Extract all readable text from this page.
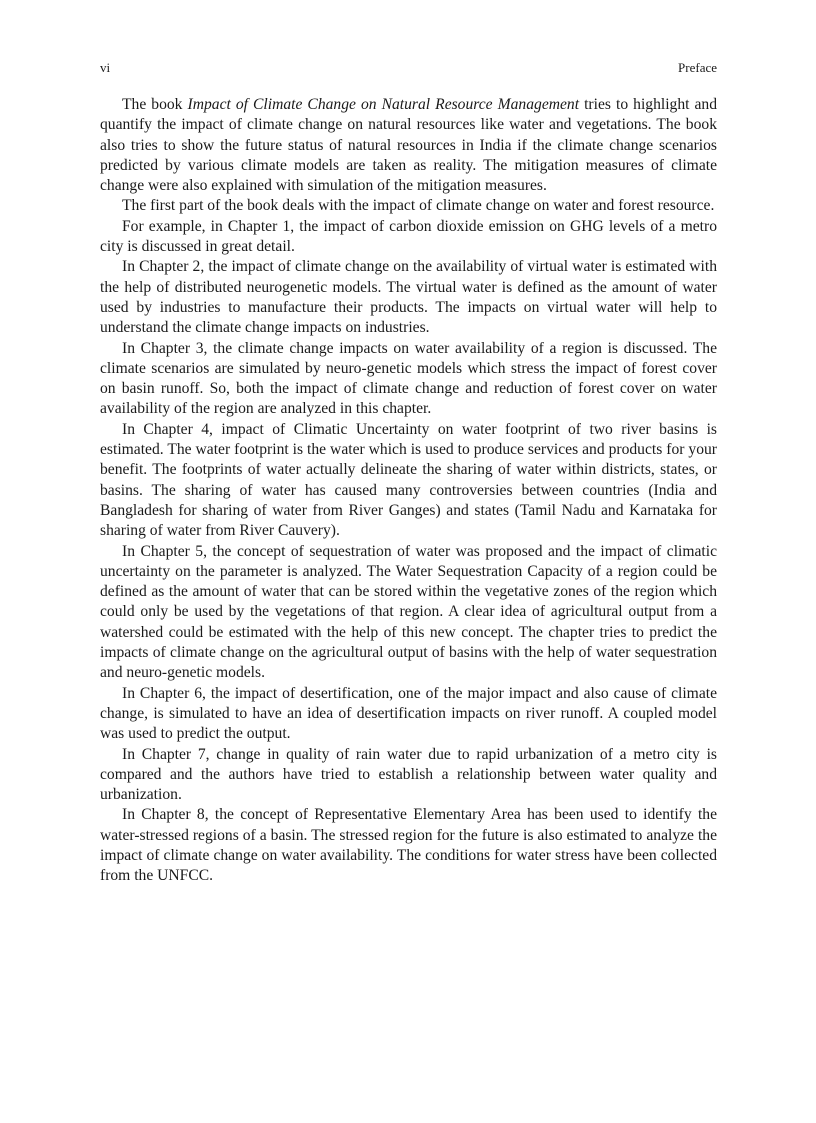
vi	Preface

The book Impact of Climate Change on Natural Resource Management tries to highlight and quantify the impact of climate change on natural resources like water and vegetations. The book also tries to show the future status of natural resources in India if the climate change scenarios predicted by various climate models are taken as reality. The mitigation measures of climate change were also explained with simulation of the mitigation measures.

The first part of the book deals with the impact of climate change on water and forest resource.

For example, in Chapter 1, the impact of carbon dioxide emission on GHG levels of a metro city is discussed in great detail.

In Chapter 2, the impact of climate change on the availability of virtual water is estimated with the help of distributed neurogenetic models. The virtual water is defined as the amount of water used by industries to manufacture their products. The impacts on virtual water will help to understand the climate change impacts on industries.

In Chapter 3, the climate change impacts on water availability of a region is discussed. The climate scenarios are simulated by neuro-genetic models which stress the impact of forest cover on basin runoff. So, both the impact of climate change and reduction of forest cover on water availability of the region are analyzed in this chapter.

In Chapter 4, impact of Climatic Uncertainty on water footprint of two river basins is estimated. The water footprint is the water which is used to produce services and products for your benefit. The footprints of water actually delineate the sharing of water within districts, states, or basins. The sharing of water has caused many controversies between countries (India and Bangladesh for sharing of water from River Ganges) and states (Tamil Nadu and Karnataka for sharing of water from River Cauvery).

In Chapter 5, the concept of sequestration of water was proposed and the impact of climatic uncertainty on the parameter is analyzed. The Water Sequestration Capacity of a region could be defined as the amount of water that can be stored within the vegetative zones of the region which could only be used by the vegetations of that region. A clear idea of agricultural output from a watershed could be estimated with the help of this new concept. The chapter tries to predict the impacts of climate change on the agricultural output of basins with the help of water sequestration and neuro-genetic models.

In Chapter 6, the impact of desertification, one of the major impact and also cause of climate change, is simulated to have an idea of desertification impacts on river runoff. A coupled model was used to predict the output.

In Chapter 7, change in quality of rain water due to rapid urbanization of a metro city is compared and the authors have tried to establish a relationship between water quality and urbanization.

In Chapter 8, the concept of Representative Elementary Area has been used to identify the water-stressed regions of a basin. The stressed region for the future is also estimated to analyze the impact of climate change on water availability. The conditions for water stress have been collected from the UNFCC.
